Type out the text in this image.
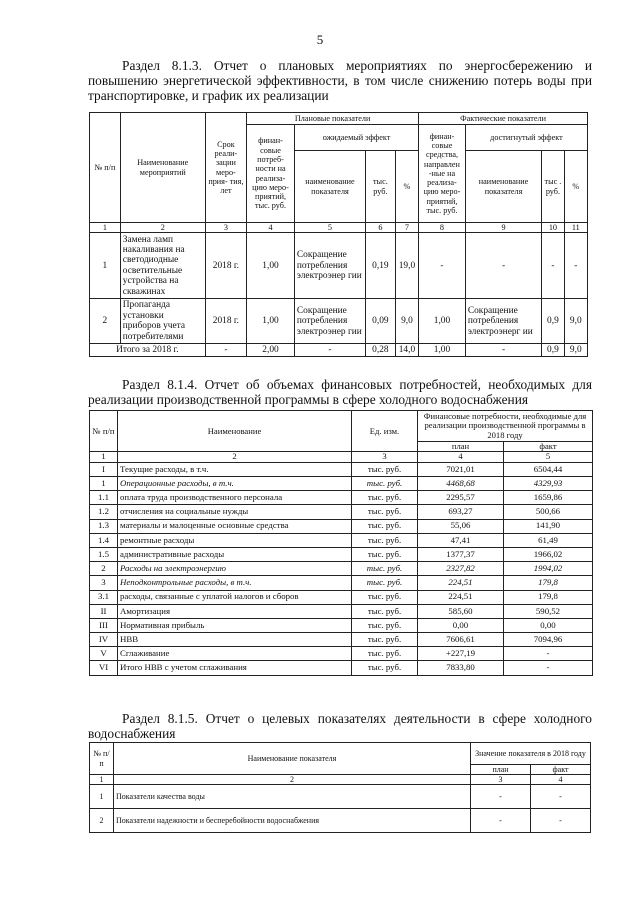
5
Раздел 8.1.3. Отчет о плановых мероприятиях по энергосбережению и повышению энергетической эффективности, в том числе снижению потерь воды при транспортировке, и график их реализации
№ п/п	Наименование мероприятий	Срок реали- зации меро- прия- тия, лет	Плановые показатели				Фактические показатели			
			финан- совые потреб- ности на реализа- цию меро- приятий, тыс. руб.	ожидаемый эффект			финан- совые средства, направлен -ные на реализа- цию меро- приятий, тыс. руб.	достигнутый эффект		
				наименование показателя	тыс. руб.	%		наименование показателя	тыс . руб.	%
1	2	3	4	5	6	7	8	9	10	11
1	Замена ламп накаливания на светодиодные осветительные устройства на скважинах	2018 г.	1,00	Сокращение потребления электроэнер гии	0,19	19,0	-	-	-	-
2	Пропаганда установки приборов учета потребителями	2018 г.	1,00	Сокращение потребления электроэнер гии	0,09	9,0	1,00	Сокращение потребления электроэнерг ии	0,9	9,0
Итого за 2018 г.		-	2,00	-	0,28	14,0	1,00	-	0,9	9,0
Раздел 8.1.4. Отчет об объемах финансовых потребностей, необходимых для реализации производственной программы в сфере холодного водоснабжения
№ п/п	Наименование	Ед. изм.	Финансовые потребности, необходимые для реализации производственной программы в 2018 году	
			план	факт
1	2	3	4	5
I	Текущие расходы, в т.ч.	тыс. руб.	7021,01	6504,44
1	Операционные расходы, в т.ч.	тыс. руб.	4468,68	4329,93
1.1	оплата труда производственного персонала	тыс. руб.	2295,57	1659,86
1.2	отчисления на социальные нужды	тыс. руб.	693,27	500,66
1.3	материалы и малоценные основные средства	тыс. руб.	55,06	141,90
1.4	ремонтные расходы	тыс. руб.	47,41	61,49
1.5	административные расходы	тыс. руб.	1377,37	1966,02
2	Расходы на электроэнергию	тыс. руб.	2327,82	1994,02
3	Неподконтрольные расходы, в т.ч.	тыс. руб.	224,51	179,8
3.1	расходы, связанные с уплатой налогов и сборов	тыс. руб.	224,51	179,8
II	Амортизация	тыс. руб.	585,60	590,52
III	Нормативная прибыль	тыс. руб.	0,00	0,00
IV	НВВ	тыс. руб.	7606,61	7094,96
V	Сглаживание	тыс. руб.	+227,19	-
VI	Итого НВВ с учетом сглаживания	тыс. руб.	7833,80	-
Раздел 8.1.5. Отчет о целевых показателях деятельности в сфере холодного водоснабжения
№ п/п	Наименование показателя	Значение показателя в 2018 году	
		план	факт
1	2	3	4
1	Показатели качества воды	-	-
2	Показатели надежности и бесперебойности водоснабжения	-	-
